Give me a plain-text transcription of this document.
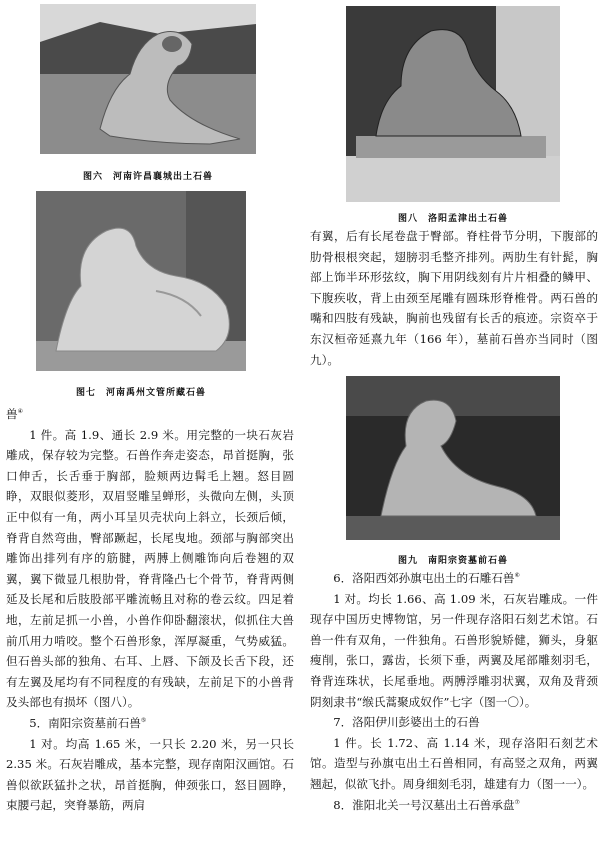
图六　河南许昌襄城出土石兽
图七　河南禹州文管所藏石兽

兽④

1 件。高 1.9、通长 2.9 米。用完整的一块石灰岩雕成，保存较为完整。石兽作奔走姿态，昂首挺胸，张口伸舌，长舌垂于胸部，脸颊两边髯毛上翘。怒目圆睁，双眼似菱形，双眉竖雕呈蝉形，头微向左侧，头顶正中似有一角，两小耳呈贝壳状向上斜立，长颈后倾，脊背自然弯曲，臀部蹶起，长尾曳地。颈部与胸部突出雕饰出排列有序的筋腱，两膊上侧雕饰向后卷翘的双翼，翼下微显几根肋骨，脊背隆凸七个骨节，脊背两侧延及长尾和后肢股部平雕流畅且对称的卷云纹。四足着地，左前足抓一小兽，小兽作仰卧翻滚状，似抓住大兽前爪用力啃咬。整个石兽形象，浑厚凝重，气势威猛。但石兽头部的独角、右耳、上唇、下颌及长舌下段，还有左翼及尾均有不同程度的有残缺，左前足下的小兽背及头部也有损坏（图八）。

5．南阳宗资墓前石兽⑤

1 对。均高 1.65 米，一只长 2.20 米，另一只长 2.35 米。石灰岩雕成，基本完整，现存南阳汉画馆。石兽似欲跃猛扑之状，昂首挺胸，伸颈张口，怒目圆睁，束腰弓起，突脊暴筋，两肩

图八　洛阳孟津出土石兽

有翼，后有长尾卷盘于臀部。脊柱骨节分明，下腹部的肋骨根根突起，翅膀羽毛整齐排列。两肋生有针髭，胸部上饰半环形弦纹，胸下用阴线刻有片片相叠的鳞甲、下腹疾收，背上由颈至尾雕有圆珠形脊椎骨。两石兽的嘴和四肢有残缺，胸前也残留有长舌的痕迹。宗资卒于东汉桓帝延熹九年（166 年），墓前石兽亦当同时（图九）。

图九　南阳宗资墓前石兽

6．洛阳西郊孙旗屯出土的石雕石兽⑥

1 对。均长 1.66、高 1.09 米，石灰岩雕成。一件现存中国历史博物馆，另一件现存洛阳石刻艺术馆。石兽一件有双角，一件独角。石兽形貌矫健，狮头，身躯瘦削，张口，露齿，长须下垂，两翼及尾部雕刻羽毛，脊背连珠状，长尾垂地。两膊浮雕羽状翼，双角及背颈阴刻隶书“缑氏蒿聚成奴作”七字（图一〇）。

7．洛阳伊川彭婆出土的石兽

1 件。长 1.72、高 1.14 米，现存洛阳石刻艺术馆。造型与孙旗屯出土石兽相同，有高竖之双角，两翼翘起，似欲飞扑。周身细刻毛羽，雄建有力（图一一）。

8．淮阳北关一号汉墓出土石兽承盘⑦
